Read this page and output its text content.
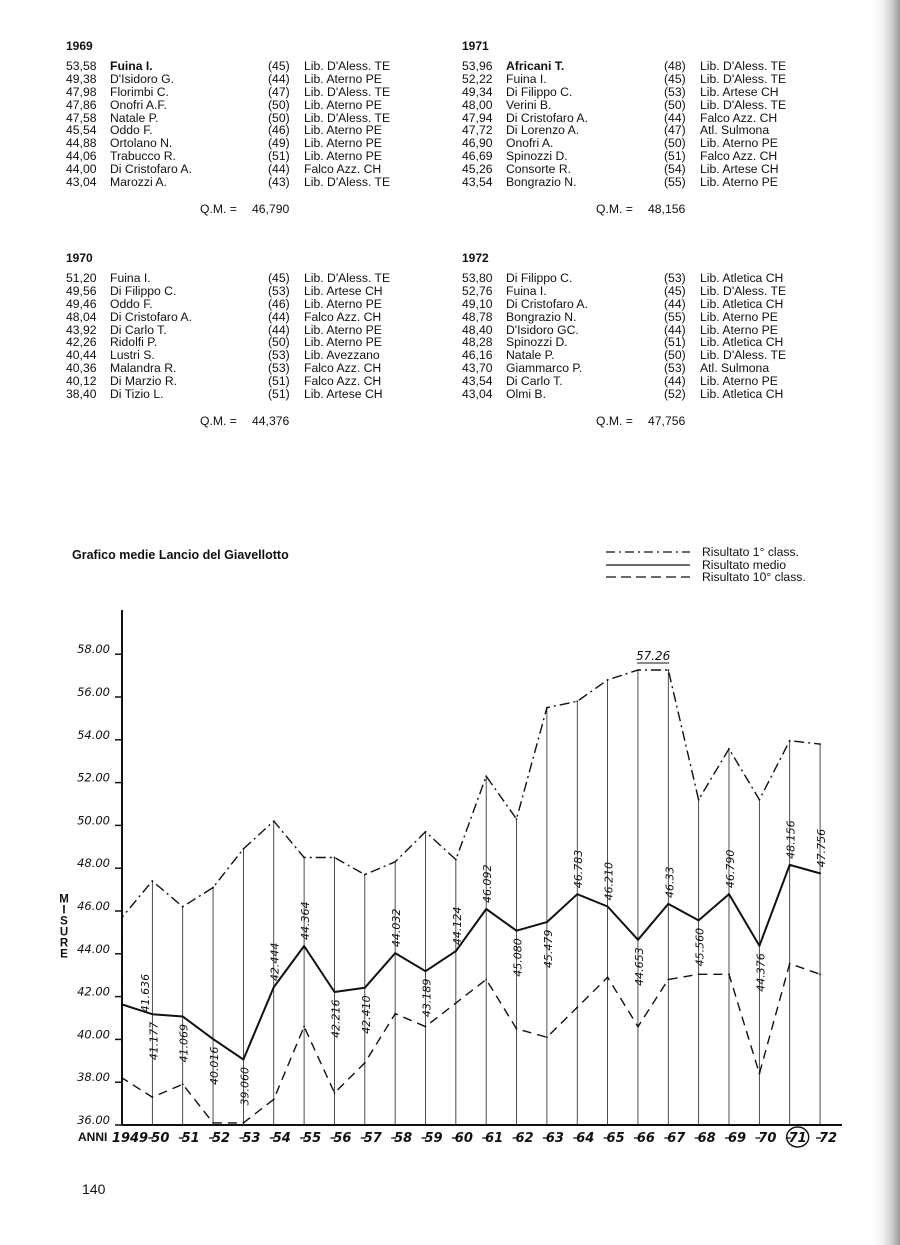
1969
53,58 Fuina I.	(45) Lib. D'Aless. TE
49,38 D'Isidoro G.	(44) Lib. Aterno PE
47,98 Florimbi C.	(47) Lib. D'Aless. TE
47,86 Onofri A.F.	(50) Lib. Aterno PE
47,58 Natale P.	(50) Lib. D'Aless. TE
45,54 Oddo F.	(46) Lib. Aterno PE
44,88 Ortolano N.	(49) Lib. Aterno PE
44,06 Trabucco R.	(51) Lib. Aterno PE
44,00 Di Cristofaro A.	(44) Falco Azz. CH
43,04 Marozzi A.	(43) Lib. D'Aless. TE
Q.M. = 46,790
1971
53,96 Africani T.	(48) Lib. D'Aless. TE
52,22 Fuina I.	(45) Lib. D'Aless. TE
49,34 Di Filippo C.	(53) Lib. Artese CH
48,00 Verini B.	(50) Lib. D'Aless. TE
47,94 Di Cristofaro A.	(44) Falco Azz. CH
47,72 Di Lorenzo A.	(47) Atl. Sulmona
46,90 Onofri A.	(50) Lib. Aterno PE
46,69 Spinozzi D.	(51) Falco Azz. CH
45,26 Consorte R.	(54) Lib. Artese CH
43,54 Bongrazio N.	(55) Lib. Aterno PE
Q.M. = 48,156
1970
51,20 Fuina I.	(45) Lib. D'Aless. TE
49,56 Di Filippo C.	(53) Lib. Artese CH
49,46 Oddo F.	(46) Lib. Aterno PE
48,04 Di Cristofaro A.	(44) Falco Azz. CH
43,92 Di Carlo T.	(44) Lib. Aterno PE
42,26 Ridolfi P.	(50) Lib. Aterno PE
40,44 Lustri S.	(53) Lib. Avezzano
40,36 Malandra R.	(53) Falco Azz. CH
40,12 Di Marzio R.	(51) Falco Azz. CH
38,40 Di Tizio L.	(51) Lib. Artese CH
Q.M. = 44,376
1972
53,80 Di Filippo C.	(53) Lib. Atletica CH
52,76 Fuina I.	(45) Lib. D'Aless. TE
49,10 Di Cristofaro A.	(44) Lib. Atletica CH
48,78 Bongrazio N.	(55) Lib. Aterno PE
48,40 D'Isidoro GC.	(44) Lib. Aterno PE
48,28 Spinozzi D.	(51) Lib. Atletica CH
46,16 Natale P.	(50) Lib. D'Aless. TE
43,70 Giammarco P.	(53) Atl. Sulmona
43,54 Di Carlo T.	(44) Lib. Aterno PE
43,04 Olmi B.	(52) Lib. Atletica CH
Q.M. = 47,756
Grafico medie Lancio del Giavellotto	Risultato 1° class.
Risultato medio
Risultato 10° class.
36.00
38.00
40.00
42.00
44.00
46.00
48.00
50.00
52.00
54.00
56.00
58.00
M I S U R E
41.636
41.177 41.069
40.016
39.060
42.444
44.364
42.216 42.410
44.032
43.189
44.124
46.092
45.080 45.479
46.783 46.210
44.653
46.33
45.560
46.790
44.376
48.156 47.756
57.26
ANNI 1949 50 51 52 53 54 55 56 57 58 59 60 61 62 63 64 65 66 67 68 69 70 71 72
140
